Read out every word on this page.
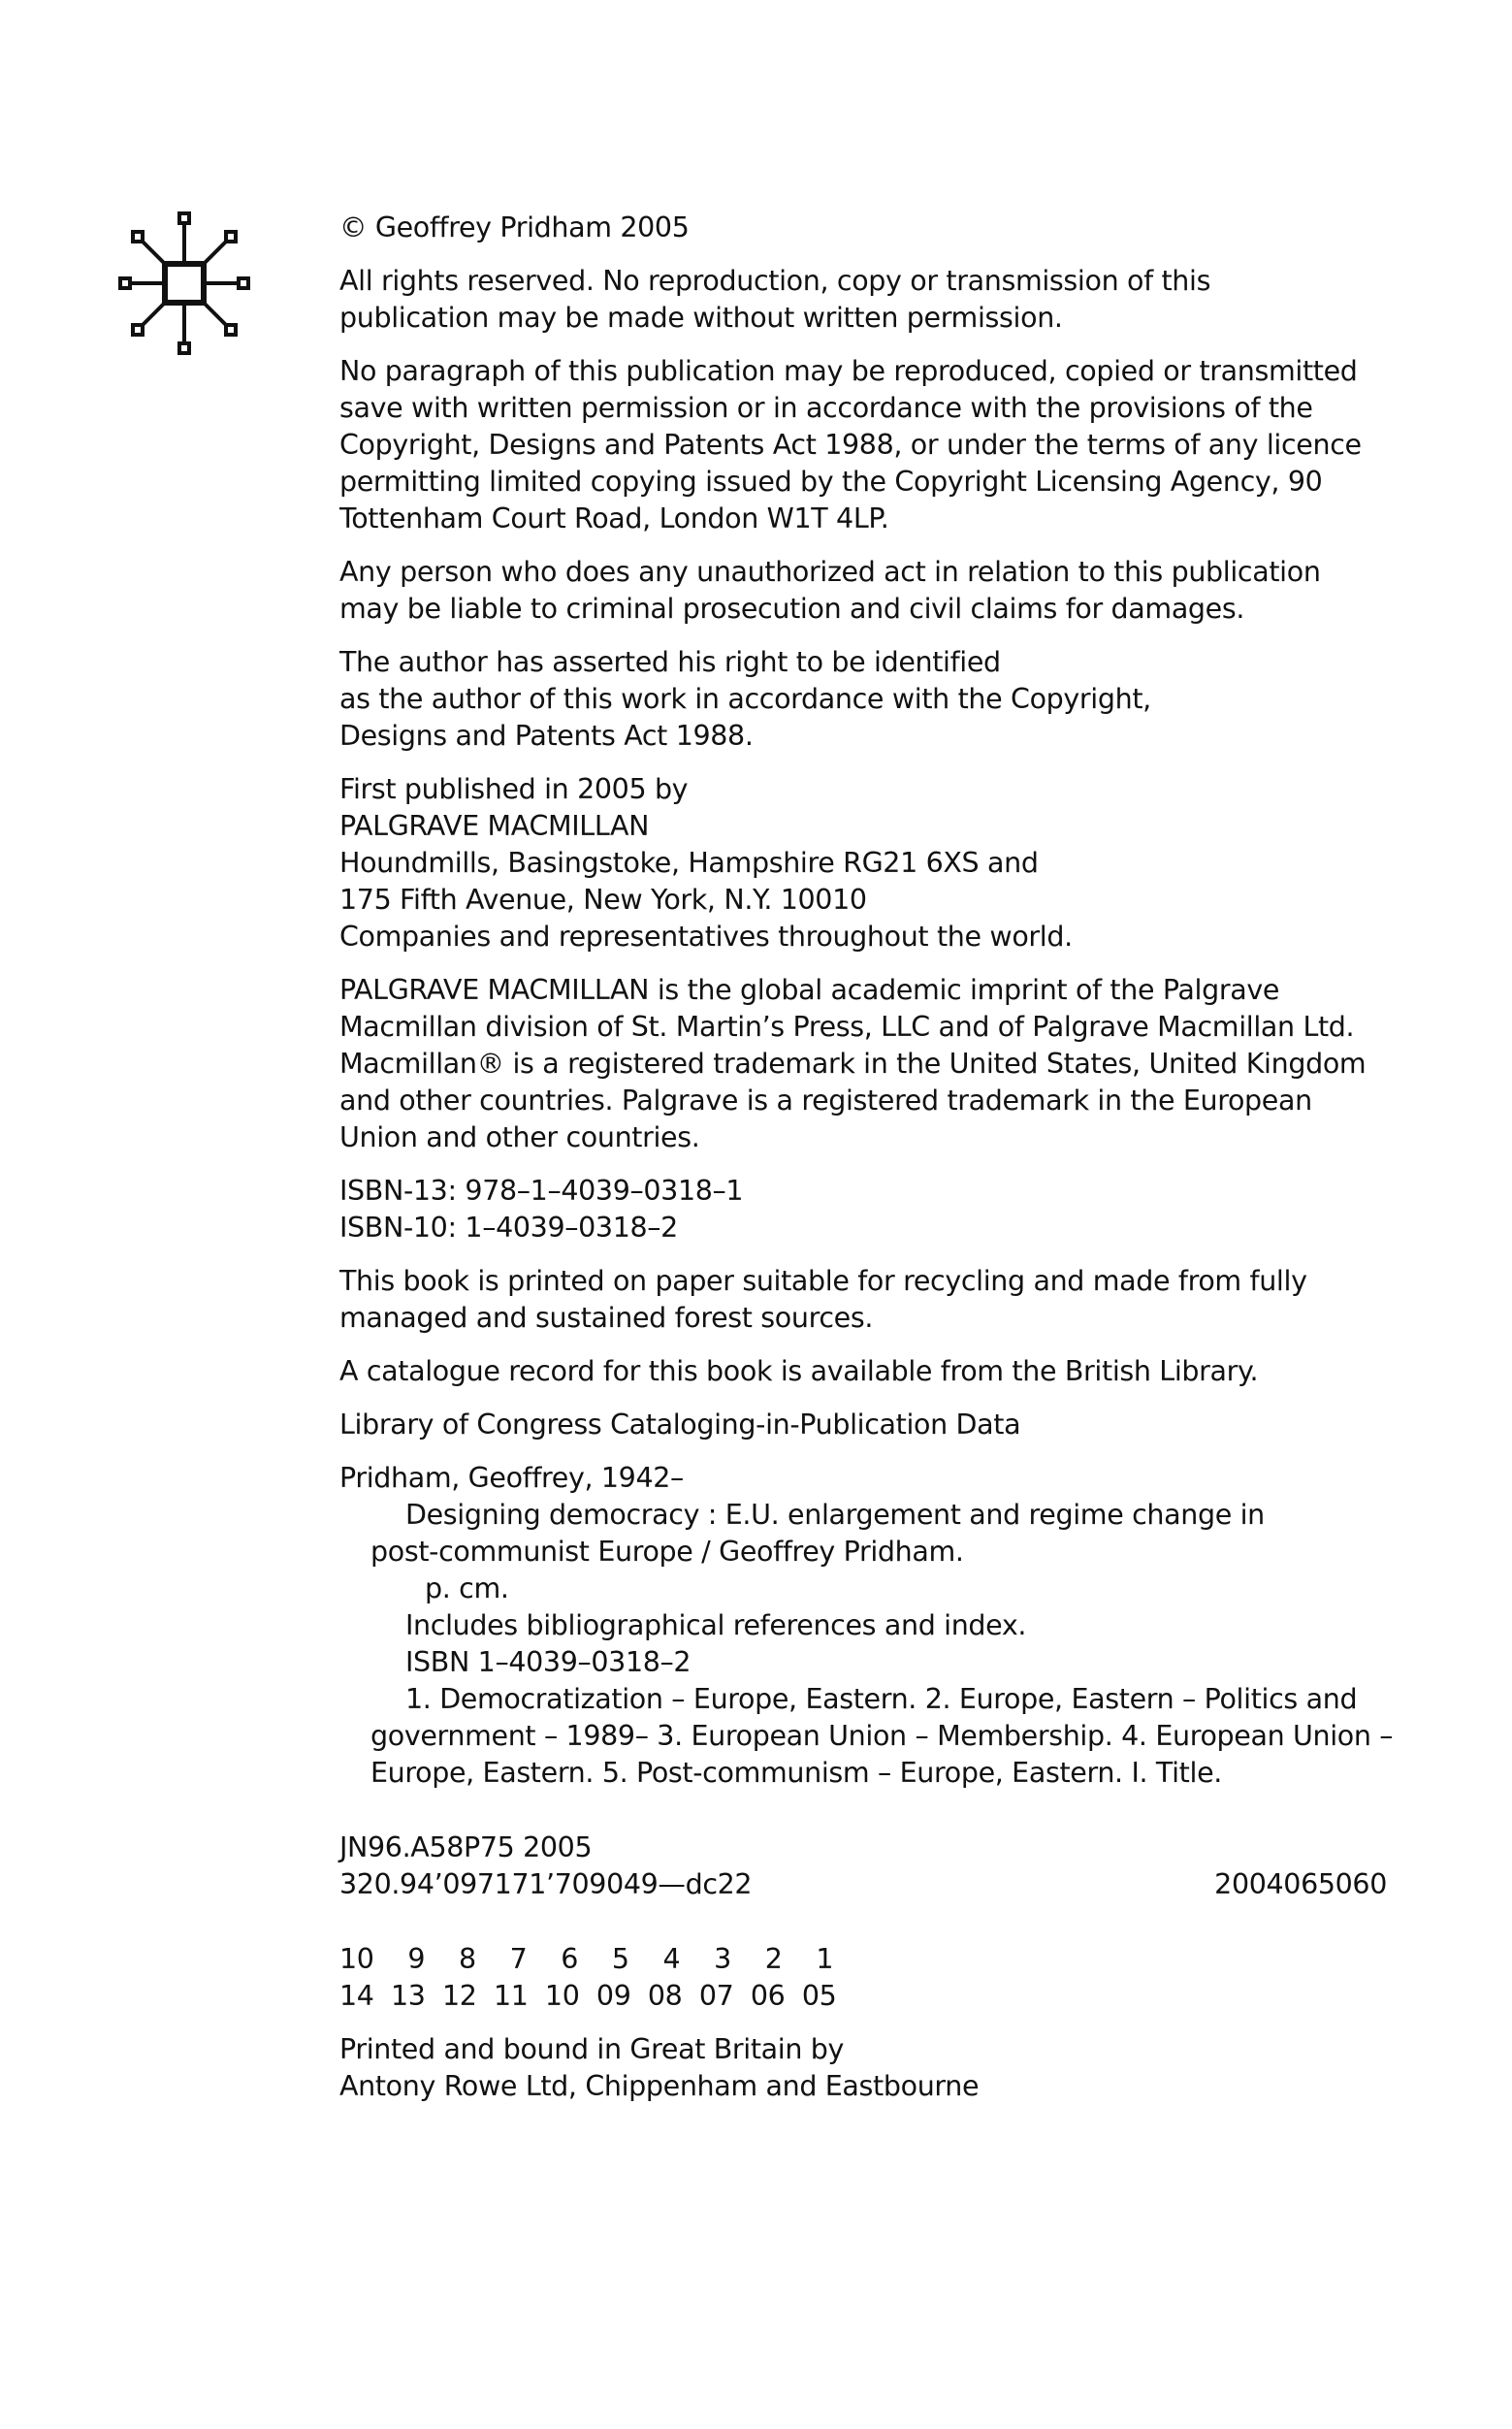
© Geoffrey Pridham 2005

All rights reserved. No reproduction, copy or transmission of this
publication may be made without written permission.

No paragraph of this publication may be reproduced, copied or transmitted
save with written permission or in accordance with the provisions of the
Copyright, Designs and Patents Act 1988, or under the terms of any licence
permitting limited copying issued by the Copyright Licensing Agency, 90
Tottenham Court Road, London W1T 4LP.

Any person who does any unauthorized act in relation to this publication
may be liable to criminal prosecution and civil claims for damages.

The author has asserted his right to be identified
as the author of this work in accordance with the Copyright,
Designs and Patents Act 1988.

First published in 2005 by
PALGRAVE MACMILLAN
Houndmills, Basingstoke, Hampshire RG21 6XS and
175 Fifth Avenue, New York, N.Y. 10010
Companies and representatives throughout the world.

PALGRAVE MACMILLAN is the global academic imprint of the Palgrave
Macmillan division of St. Martin’s Press, LLC and of Palgrave Macmillan Ltd.
Macmillan® is a registered trademark in the United States, United Kingdom
and other countries. Palgrave is a registered trademark in the European
Union and other countries.

ISBN-13: 978–1–4039–0318–1
ISBN-10: 1–4039–0318–2

This book is printed on paper suitable for recycling and made from fully
managed and sustained forest sources.

A catalogue record for this book is available from the British Library.

Library of Congress Cataloging-in-Publication Data

Pridham, Geoffrey, 1942–
Designing democracy : E.U. enlargement and regime change in
post-communist Europe / Geoffrey Pridham.
p. cm.
Includes bibliographical references and index.
ISBN 1–4039–0318–2
1. Democratization – Europe, Eastern. 2. Europe, Eastern – Politics and
government – 1989– 3. European Union – Membership. 4. European Union –
Europe, Eastern. 5. Post-communism – Europe, Eastern. I. Title.

JN96.A58P75 2005
320.94’097171’709049—dc22	2004065060

10    9    8    7    6    5    4    3    2    1
14  13  12  11  10  09  08  07  06  05

Printed and bound in Great Britain by
Antony Rowe Ltd, Chippenham and Eastbourne
